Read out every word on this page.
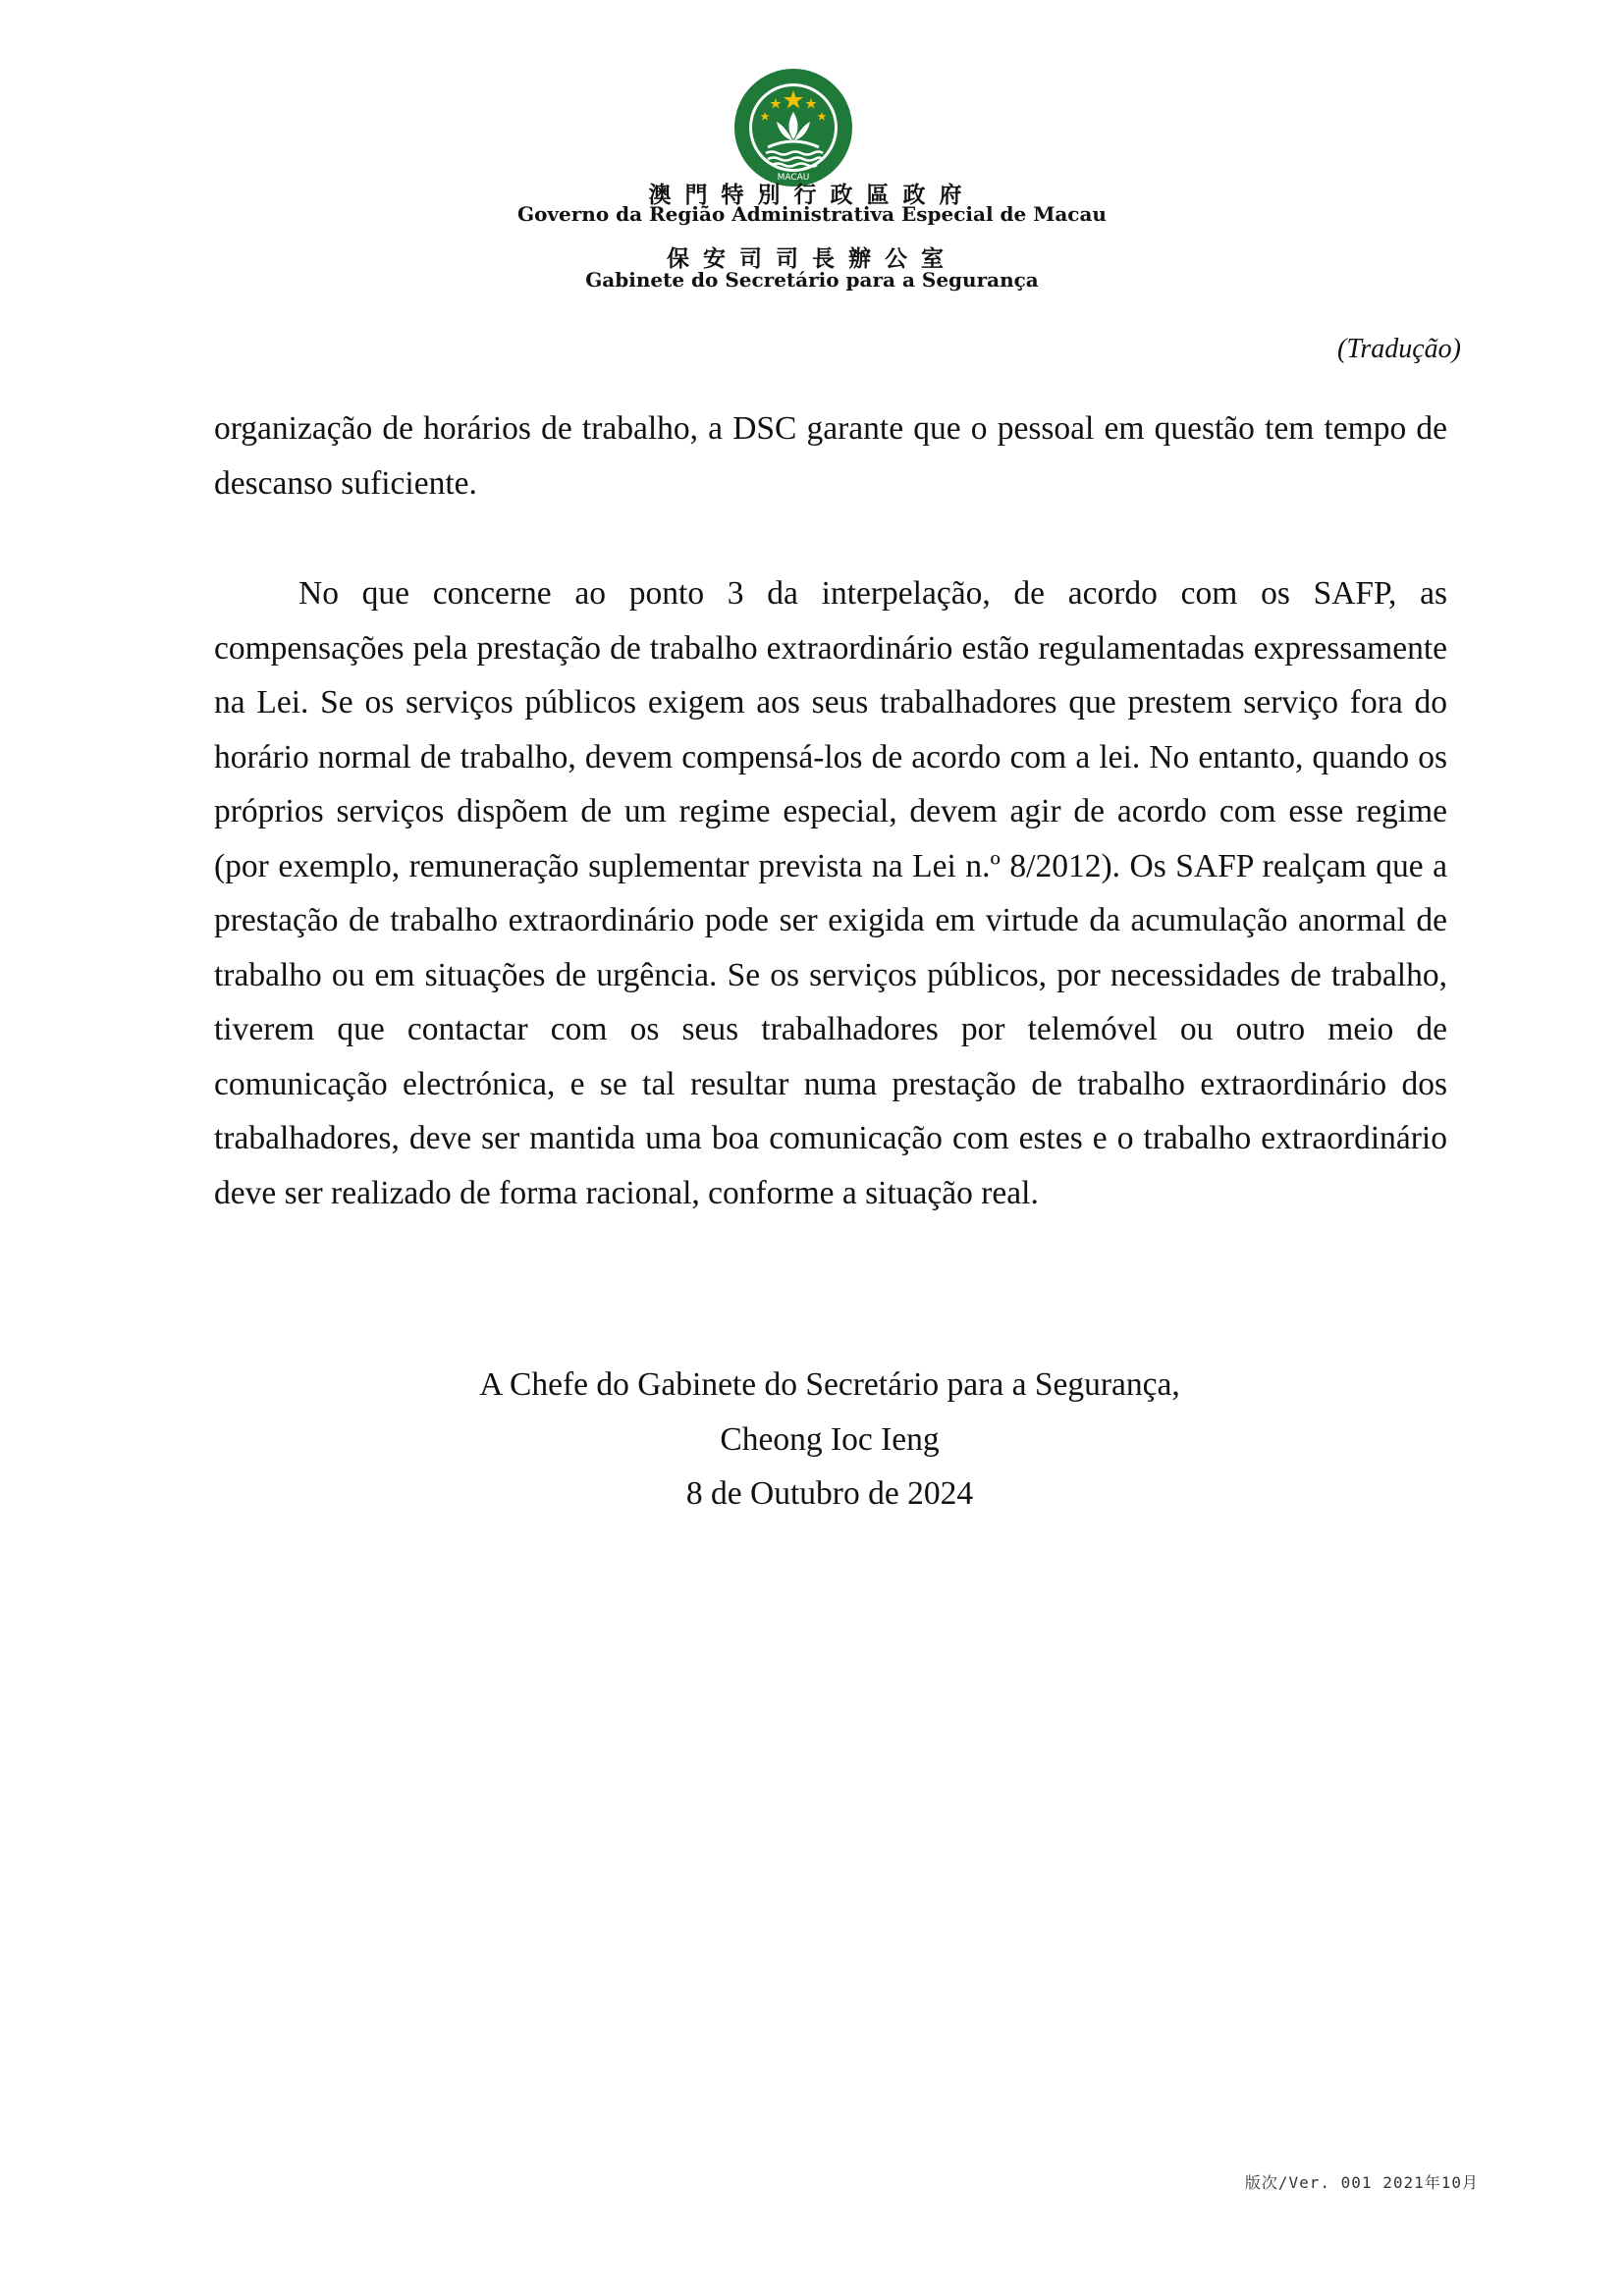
MACAU
澳門特別行政區政府
Governo da Região Administrativa Especial de Macau
保安司司長辦公室
Gabinete do Secretário para a Segurança
(Tradução)

organização de horários de trabalho, a DSC garante que o pessoal em questão tem tempo de descanso suficiente.

No que concerne ao ponto 3 da interpelação, de acordo com os SAFP, as compensações pela prestação de trabalho extraordinário estão regulamentadas expressamente na Lei. Se os serviços públicos exigem aos seus trabalhadores que prestem serviço fora do horário normal de trabalho, devem compensá-los de acordo com a lei. No entanto, quando os próprios serviços dispõem de um regime especial, devem agir de acordo com esse regime (por exemplo, remuneração suplementar prevista na Lei n.º 8/2012). Os SAFP realçam que a prestação de trabalho extraordinário pode ser exigida em virtude da acumulação anormal de trabalho ou em situações de urgência. Se os serviços públicos, por necessidades de trabalho, tiverem que contactar com os seus trabalhadores por telemóvel ou outro meio de comunicação electrónica, e se tal resultar numa prestação de trabalho extraordinário dos trabalhadores, deve ser mantida uma boa comunicação com estes e o trabalho extraordinário deve ser realizado de forma racional, conforme a situação real.

A Chefe do Gabinete do Secretário para a Segurança,
Cheong Ioc Ieng
8 de Outubro de 2024
版次/Ver. 001 2021年10月
